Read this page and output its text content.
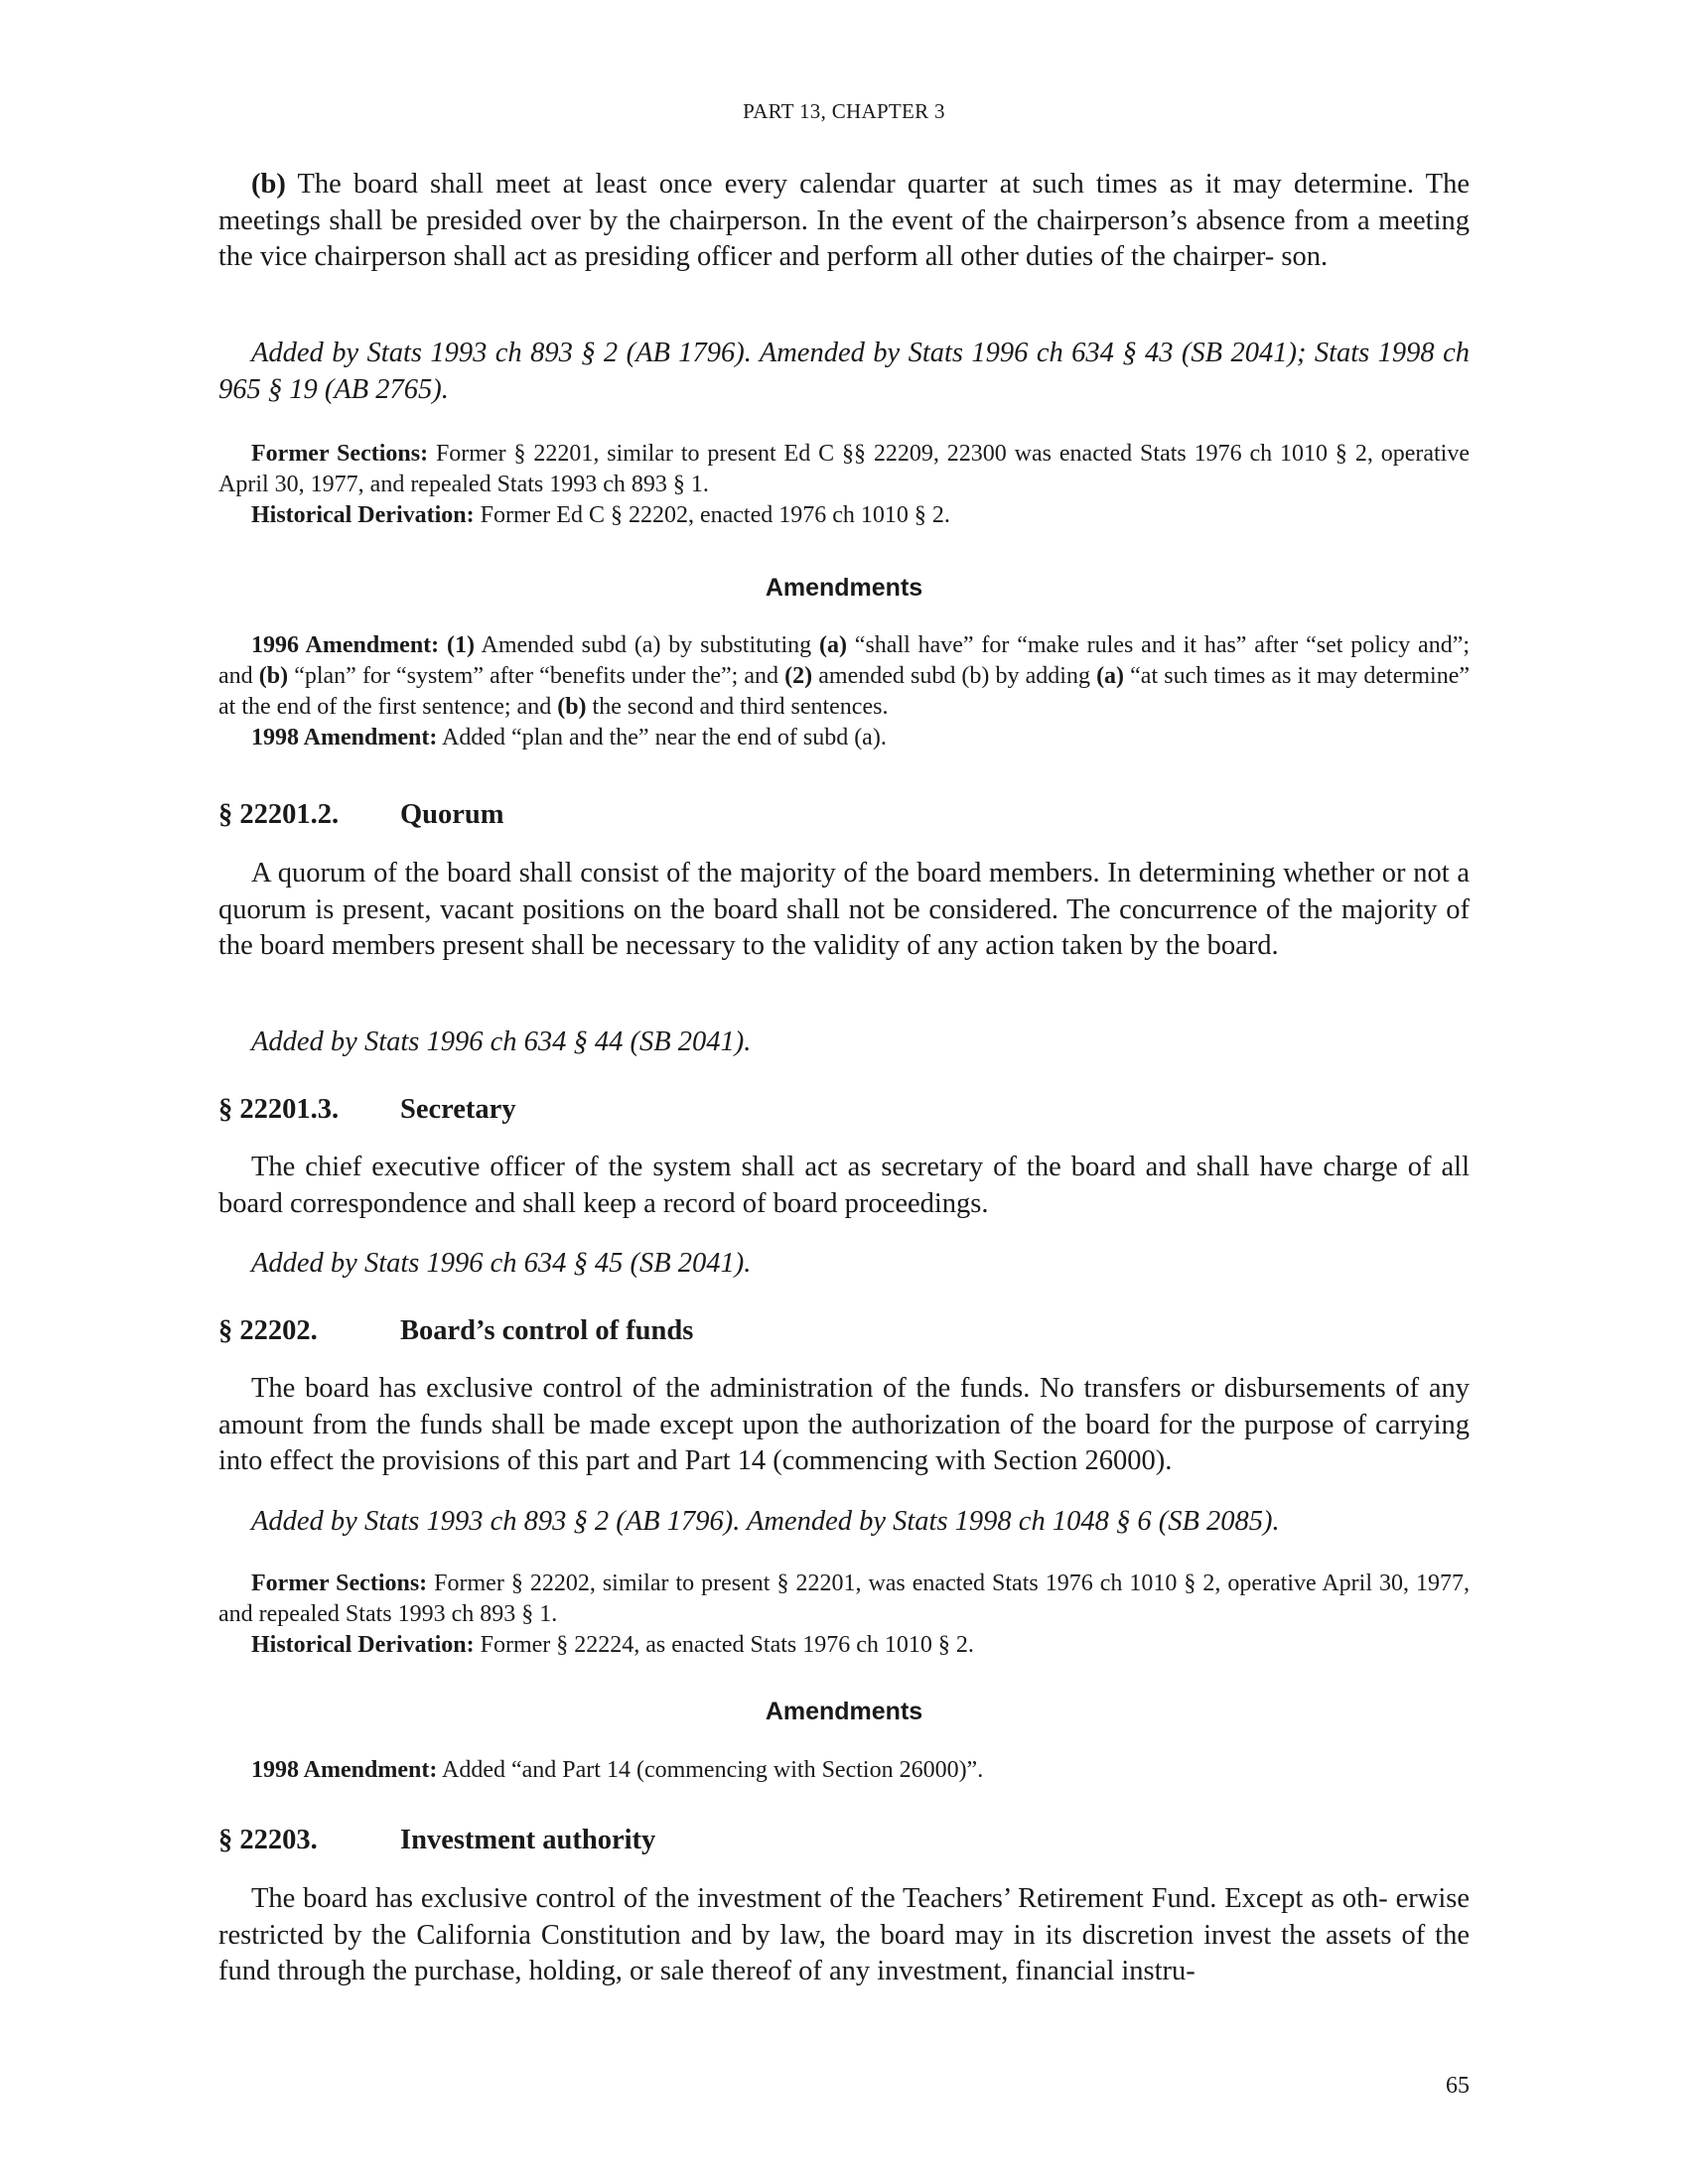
PART 13, CHAPTER 3

(b) The board shall meet at least once every calendar quarter at such times as it may determine. The meetings shall be presided over by the chairperson. In the event of the chairperson’s absence from a meeting the vice chairperson shall act as presiding officer and perform all other duties of the chairper- son.

Added by Stats 1993 ch 893 § 2 (AB 1796). Amended by Stats 1996 ch 634 § 43 (SB 2041); Stats 1998 ch 965 § 19 (AB 2765).

Former Sections: Former § 22201, similar to present Ed C §§ 22209, 22300 was enacted Stats 1976 ch 1010 § 2, operative April 30, 1977, and repealed Stats 1993 ch 893 § 1.

Historical Derivation: Former Ed C § 22202, enacted 1976 ch 1010 § 2.

Amendments

1996 Amendment: (1) Amended subd (a) by substituting (a) “shall have” for “make rules and it has” after “set policy and”; and (b) “plan” for “system” after “benefits under the”; and (2) amended subd (b) by adding (a) “at such times as it may determine” at the end of the first sentence; and (b) the second and third sentences.

1998 Amendment: Added “plan and the” near the end of subd (a).

§ 22201.2. Quorum

A quorum of the board shall consist of the majority of the board members. In determining whether or not a quorum is present, vacant positions on the board shall not be considered. The concurrence of the majority of the board members present shall be necessary to the validity of any action taken by the board.

Added by Stats 1996 ch 634 § 44 (SB 2041).

§ 22201.3. Secretary

The chief executive officer of the system shall act as secretary of the board and shall have charge of all board correspondence and shall keep a record of board proceedings.

Added by Stats 1996 ch 634 § 45 (SB 2041).

§ 22202.	Board’s control of funds

The board has exclusive control of the administration of the funds. No transfers or disbursements of any amount from the funds shall be made except upon the authorization of the board for the purpose of carrying into effect the provisions of this part and Part 14 (commencing with Section 26000).

Added by Stats 1993 ch 893 § 2 (AB 1796). Amended by Stats 1998 ch 1048 § 6 (SB 2085).

Former Sections: Former § 22202, similar to present § 22201, was enacted Stats 1976 ch 1010 § 2, operative April 30, 1977, and repealed Stats 1993 ch 893 § 1.

Historical Derivation: Former § 22224, as enacted Stats 1976 ch 1010 § 2.

Amendments

1998 Amendment: Added “and Part 14 (commencing with Section 26000)”.

§ 22203.	Investment authority

The board has exclusive control of the investment of the Teachers’ Retirement Fund. Except as oth- erwise restricted by the California Constitution and by law, the board may in its discretion invest the assets of the fund through the purchase, holding, or sale thereof of any investment, financial instru-

65
